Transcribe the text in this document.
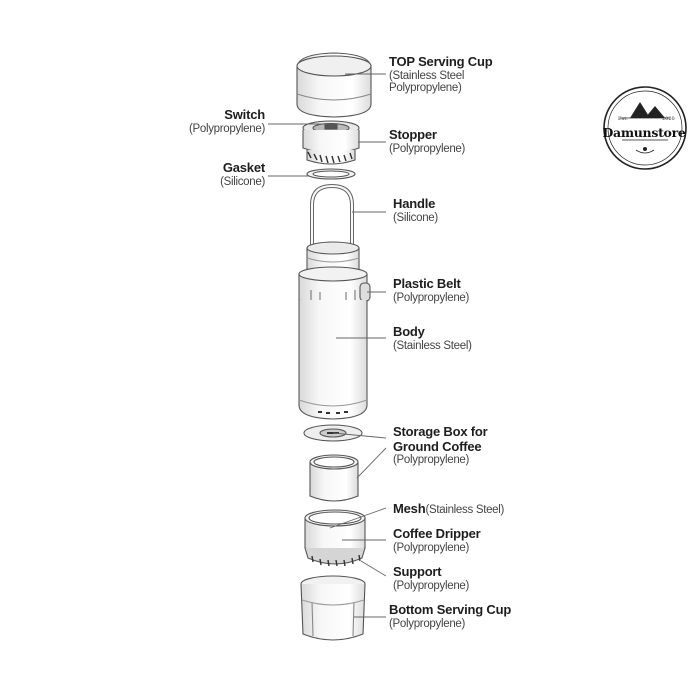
Damunstore
Est.	2020
TOP Serving Cup
(Stainless Steel Polypropylene)
Switch
(Polypropylene)	Stopper
(Polypropylene)
Gasket
(Silicone)
Handle
(Silicone)
Plastic Belt
(Polypropylene)
Body
(Stainless Steel)
Storage Box for Ground Coffee
(Polypropylene)
Mesh(Stainless Steel)
Coffee Dripper
(Polypropylene)
Support
(Polypropylene)
Bottom Serving Cup
(Polypropylene)
